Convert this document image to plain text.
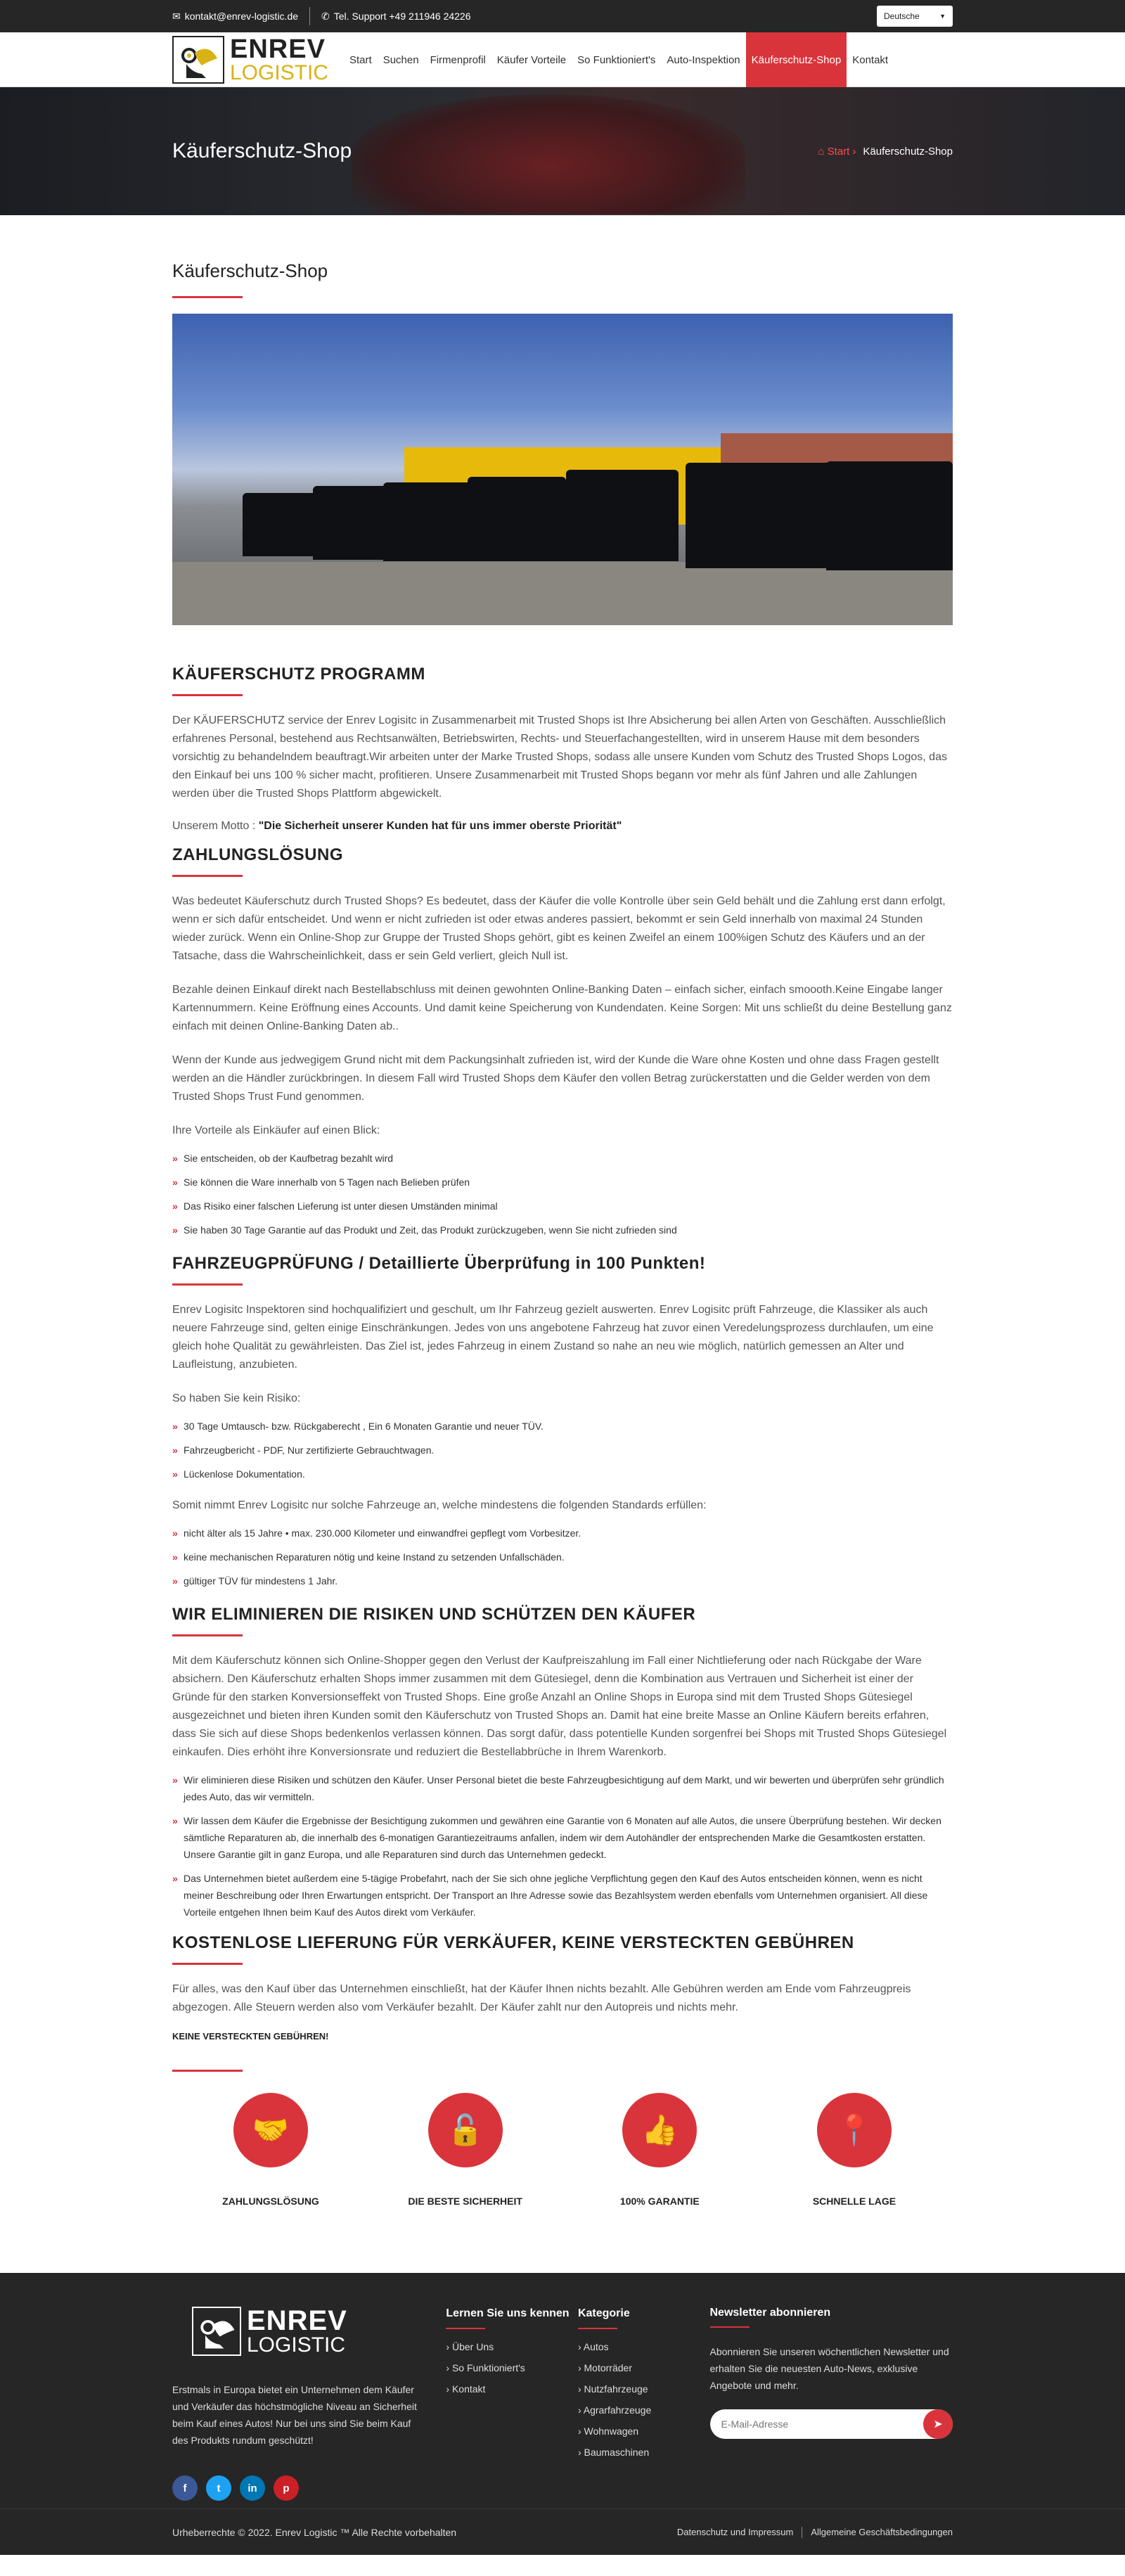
✉ kontakt@enrev-logistic.de ✆ Tel. Support +49 211946 24226	Deutsche	▼
ENREV
LOGISTIC
Start	Suchen	Firmenprofil	Käufer Vorteile	So Funktioniert's	Auto-Inspektion	Käuferschutz-Shop	Kontakt
Käuferschutz-Shop	⌂ Start › Käuferschutz-Shop
Käuferschutz-Shop
KÄUFERSCHUTZ PROGRAMM

Der KÄUFERSCHUTZ service der Enrev Logisitc in Zusammenarbeit mit Trusted Shops ist Ihre Absicherung bei allen Arten von Geschäften. Ausschließlich erfahrenes Personal, bestehend aus Rechtsanwälten, Betriebswirten, Rechts- und Steuerfachangestellten, wird in unserem Hause mit dem besonders vorsichtig zu behandelndem beauftragt.Wir arbeiten unter der Marke Trusted Shops, sodass alle unsere Kunden vom Schutz des Trusted Shops Logos, das den Einkauf bei uns 100 % sicher macht, profitieren. Unsere Zusammenarbeit mit Trusted Shops begann vor mehr als fünf Jahren und alle Zahlungen werden über die Trusted Shops Plattform abgewickelt.

Unserem Motto : "Die Sicherheit unserer Kunden hat für uns immer oberste Priorität"

ZAHLUNGSLÖSUNG

Was bedeutet Käuferschutz durch Trusted Shops? Es bedeutet, dass der Käufer die volle Kontrolle über sein Geld behält und die Zahlung erst dann erfolgt, wenn er sich dafür entscheidet. Und wenn er nicht zufrieden ist oder etwas anderes passiert, bekommt er sein Geld innerhalb von maximal 24 Stunden wieder zurück. Wenn ein Online-Shop zur Gruppe der Trusted Shops gehört, gibt es keinen Zweifel an einem 100%igen Schutz des Käufers und an der Tatsache, dass die Wahrscheinlichkeit, dass er sein Geld verliert, gleich Null ist.

Bezahle deinen Einkauf direkt nach Bestellabschluss mit deinen gewohnten Online-Banking Daten – einfach sicher, einfach smoooth.Keine Eingabe langer Kartennummern. Keine Eröffnung eines Accounts. Und damit keine Speicherung von Kundendaten. Keine Sorgen: Mit uns schließt du deine Bestellung ganz einfach mit deinen Online-Banking Daten ab..

Wenn der Kunde aus jedwegigem Grund nicht mit dem Packungsinhalt zufrieden ist, wird der Kunde die Ware ohne Kosten und ohne dass Fragen gestellt werden an die Händler zurückbringen. In diesem Fall wird Trusted Shops dem Käufer den vollen Betrag zurückerstatten und die Gelder werden von dem Trusted Shops Trust Fund genommen.

Ihre Vorteile als Einkäufer auf einen Blick:

» Sie entscheiden, ob der Kaufbetrag bezahlt wird
» Sie können die Ware innerhalb von 5 Tagen nach Belieben prüfen
» Das Risiko einer falschen Lieferung ist unter diesen Umständen minimal
» Sie haben 30 Tage Garantie auf das Produkt und Zeit, das Produkt zurückzugeben, wenn Sie nicht zufrieden sind
FAHRZEUGPRÜFUNG / Detaillierte Überprüfung in 100 Punkten!

Enrev Logisitc Inspektoren sind hochqualifiziert und geschult, um Ihr Fahrzeug gezielt auswerten. Enrev Logisitc prüft Fahrzeuge, die Klassiker als auch neuere Fahrzeuge sind, gelten einige Einschränkungen. Jedes von uns angebotene Fahrzeug hat zuvor einen Veredelungsprozess durchlaufen, um eine gleich hohe Qualität zu gewährleisten. Das Ziel ist, jedes Fahrzeug in einem Zustand so nahe an neu wie möglich, natürlich gemessen an Alter und Laufleistung, anzubieten.

So haben Sie kein Risiko:

» 30 Tage Umtausch- bzw. Rückgaberecht , Ein 6 Monaten Garantie und neuer TÜV.
» Fahrzeugbericht - PDF, Nur zertifizierte Gebrauchtwagen.
» Lückenlose Dokumentation.

Somit nimmt Enrev Logisitc nur solche Fahrzeuge an, welche mindestens die folgenden Standards erfüllen:

» nicht älter als 15 Jahre • max. 230.000 Kilometer und einwandfrei gepflegt vom Vorbesitzer.
» keine mechanischen Reparaturen nötig und keine Instand zu setzenden Unfallschäden.
» gültiger TÜV für mindestens 1 Jahr.
WIR ELIMINIEREN DIE RISIKEN UND SCHÜTZEN DEN KÄUFER

Mit dem Käuferschutz können sich Online-Shopper gegen den Verlust der Kaufpreiszahlung im Fall einer Nichtlieferung oder nach Rückgabe der Ware absichern. Den Käuferschutz erhalten Shops immer zusammen mit dem Gütesiegel, denn die Kombination aus Vertrauen und Sicherheit ist einer der Gründe für den starken Konversionseffekt von Trusted Shops. Eine große Anzahl an Online Shops in Europa sind mit dem Trusted Shops Gütesiegel ausgezeichnet und bieten ihren Kunden somit den Käuferschutz von Trusted Shops an. Damit hat eine breite Masse an Online Käufern bereits erfahren, dass Sie sich auf diese Shops bedenkenlos verlassen können. Das sorgt dafür, dass potentielle Kunden sorgenfrei bei Shops mit Trusted Shops Gütesiegel einkaufen. Dies erhöht ihre Konversionsrate und reduziert die Bestellabbrüche in Ihrem Warenkorb.

» Wir eliminieren diese Risiken und schützen den Käufer. Unser Personal bietet die beste Fahrzeugbesichtigung auf dem Markt, und wir bewerten und überprüfen sehr gründlich jedes Auto, das wir vermitteln.
» Wir lassen dem Käufer die Ergebnisse der Besichtigung zukommen und gewähren eine Garantie von 6 Monaten auf alle Autos, die unsere Überprüfung bestehen. Wir decken sämtliche Reparaturen ab, die innerhalb des 6-monatigen Garantiezeitraums anfallen, indem wir dem Autohändler der entsprechenden Marke die Gesamtkosten erstatten. Unsere Garantie gilt in ganz Europa, und alle Reparaturen sind durch das Unternehmen gedeckt.
» Das Unternehmen bietet außerdem eine 5-tägige Probefahrt, nach der Sie sich ohne jegliche Verpflichtung gegen den Kauf des Autos entscheiden können, wenn es nicht meiner Beschreibung oder Ihren Erwartungen entspricht. Der Transport an Ihre Adresse sowie das Bezahlsystem werden ebenfalls vom Unternehmen organisiert. All diese Vorteile entgehen Ihnen beim Kauf des Autos direkt vom Verkäufer.
KOSTENLOSE LIEFERUNG FÜR VERKÄUFER, KEINE VERSTECKTEN GEBÜHREN

Für alles, was den Kauf über das Unternehmen einschließt, hat der Käufer Ihnen nichts bezahlt. Alle Gebühren werden am Ende vom Fahrzeugpreis abgezogen. Alle Steuern werden also vom Verkäufer bezahlt. Der Käufer zahlt nur den Autopreis und nichts mehr.

KEINE VERSTECKTEN GEBÜHREN!
🤝
ZAHLUNGSLÖSUNG
🔓
DIE BESTE SICHERHEIT
👍
100% GARANTIE
📍
SCHNELLE LAGE
ENREV
LOGISTIC

Erstmals in Europa bietet ein Unternehmen dem Käufer und Verkäufer das höchstmögliche Niveau an Sicherheit beim Kauf eines Autos! Nur bei uns sind Sie beim Kauf des Produkts rundum geschützt!

f	t	in	p
Lernen Sie uns kennen
› Über Uns
› So Funktioniert's
› Kontakt
Kategorie
› Autos
› Motorräder
› Nutzfahrzeuge
› Agrarfahrzeuge
› Wohnwagen
› Baumaschinen
Newsletter abonnieren

Abonnieren Sie unseren wöchentlichen Newsletter und erhalten Sie die neuesten Auto-News, exklusive Angebote und mehr.

E-Mail-Adresse
➤
Urheberrechte © 2022. Enrev Logistic ™ Alle Rechte vorbehalten	Datenschutz und Impressum Allgemeine Geschäftsbedingungen
